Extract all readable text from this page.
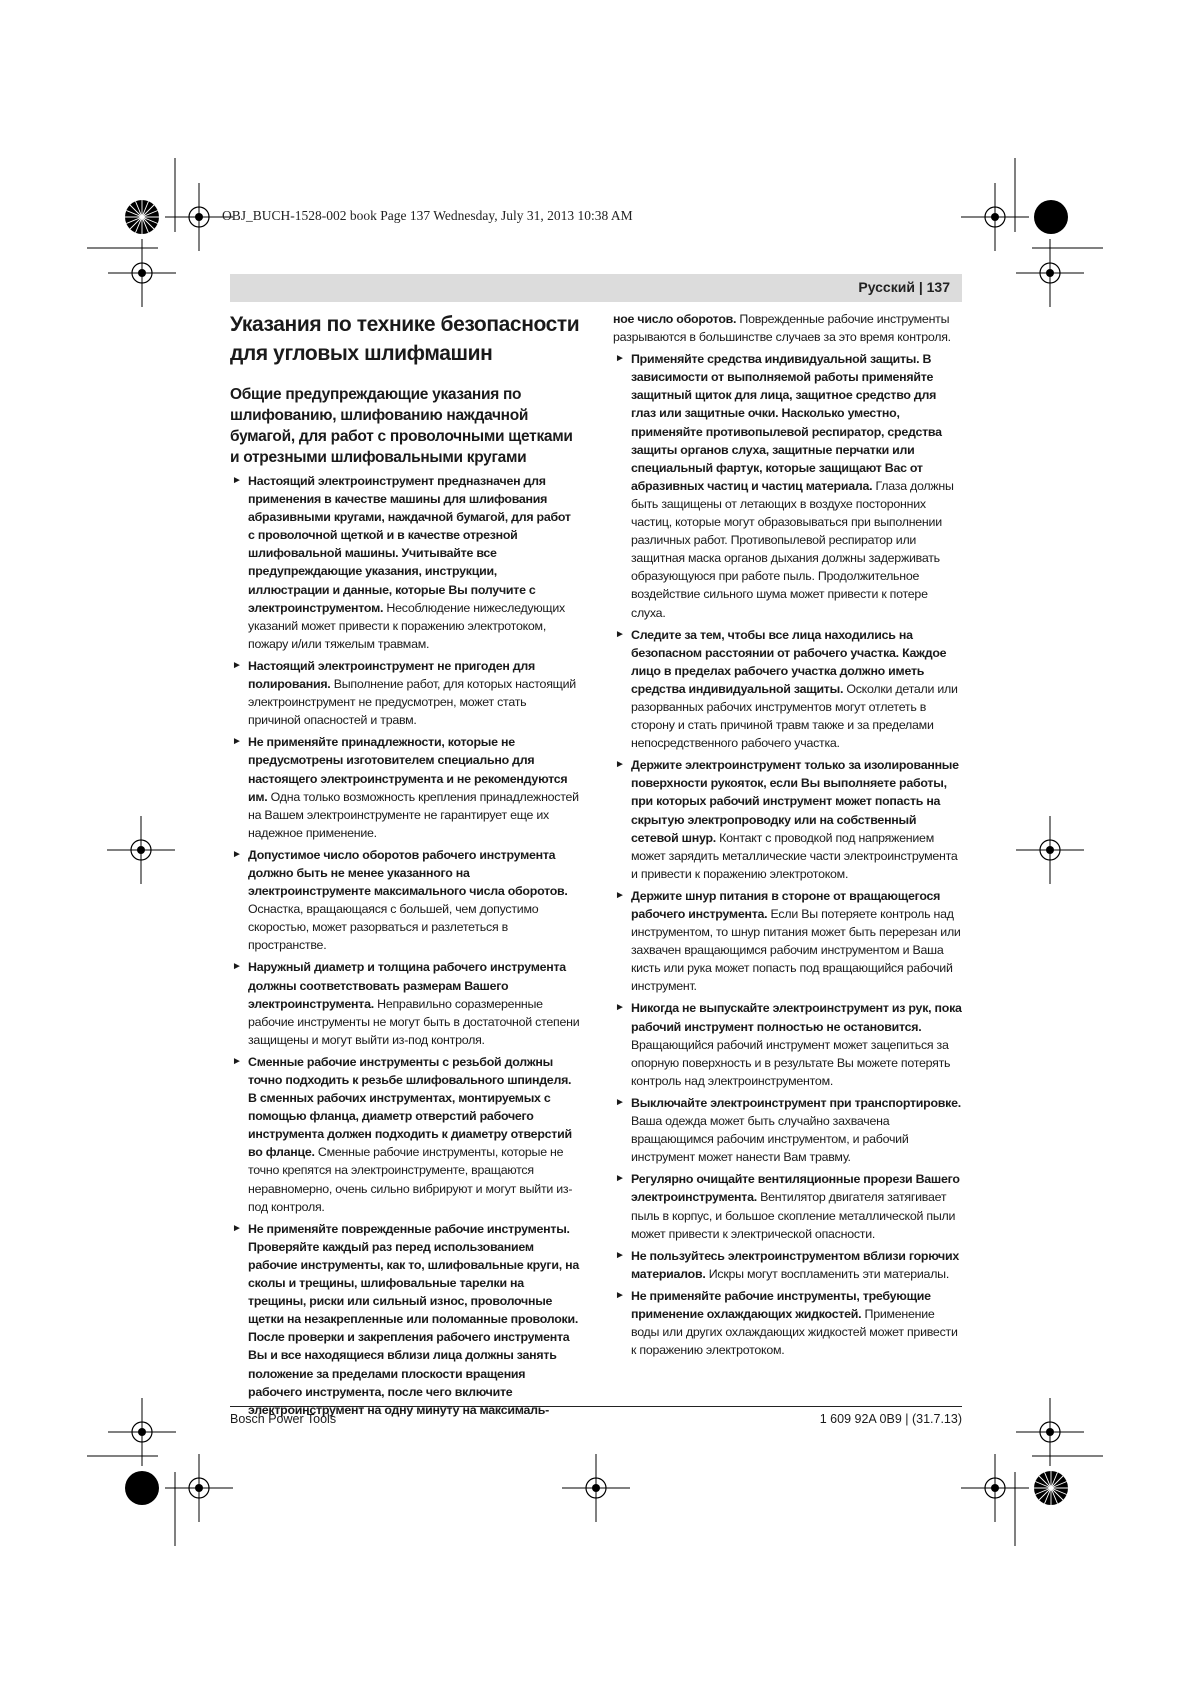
OBJ_BUCH-1528-002 book Page 137 Wednesday, July 31, 2013 10:38 AM
Русский | 137
Указания по технике безопасности для угловых шлифмашин
Общие предупреждающие указания по шлифованию, шлифованию наждачной бумагой, для работ с проволочными щетками и отрезными шлифовальными кругами
► Настоящий электроинструмент предназначен для применения в качестве машины для шлифования абразивными кругами, наждачной бумагой, для работ с проволочной щеткой и в качестве отрезной шлифовальной машины. Учитывайте все предупреждающие указания, инструкции, иллюстрации и данные, которые Вы получите с электроинструментом. Несоблюдение нижеследующих указаний может привести к поражению электротоком, пожару и/или тяжелым травмам.
► Настоящий электроинструмент не пригоден для полирования. Выполнение работ, для которых настоящий электроинструмент не предусмотрен, может стать причиной опасностей и травм.
► Не применяйте принадлежности, которые не предусмотрены изготовителем специально для настоящего электроинструмента и не рекомендуются им. Одна только возможность крепления принадлежностей на Вашем электроинструменте не гарантирует еще их надежное применение.
► Допустимое число оборотов рабочего инструмента должно быть не менее указанного на электроинструменте максимального числа оборотов. Оснастка, вращающаяся с большей, чем допустимо скоростью, может разорваться и разлететься в пространстве.
► Наружный диаметр и толщина рабочего инструмента должны соответствовать размерам Вашего электроинструмента. Неправильно соразмеренные рабочие инструменты не могут быть в достаточной степени защищены и могут выйти из-под контроля.
► Сменные рабочие инструменты с резьбой должны точно подходить к резьбе шлифовального шпинделя. В сменных рабочих инструментах, монтируемых с помощью фланца, диаметр отверстий рабочего инструмента должен подходить к диаметру отверстий во фланце. Сменные рабочие инструменты, которые не точно крепятся на электроинструменте, вращаются неравномерно, очень сильно вибрируют и могут выйти из-под контроля.
► Не применяйте поврежденные рабочие инструменты. Проверяйте каждый раз перед использованием рабочие инструменты, как то, шлифовальные круги, на сколы и трещины, шлифовальные тарелки на трещины, риски или сильный износ, проволочные щетки на незакрепленные или поломанные проволоки. После проверки и закрепления рабочего инструмента Вы и все находящиеся вблизи лица должны занять положение за пределами плоскости вращения рабочего инструмента, после чего включите электроинструмент на одну минуту на максималь-
ное число оборотов. Поврежденные рабочие инструменты разрываются в большинстве случаев за это время контроля.
► Применяйте средства индивидуальной защиты. В зависимости от выполняемой работы применяйте защитный щиток для лица, защитное средство для глаз или защитные очки. Насколько уместно, применяйте противопылевой респиратор, средства защиты органов слуха, защитные перчатки или специальный фартук, которые защищают Вас от абразивных частиц и частиц материала. Глаза должны быть защищены от летающих в воздухе посторонних частиц, которые могут образовываться при выполнении различных работ. Противопылевой респиратор или защитная маска органов дыхания должны задерживать образующуюся при работе пыль. Продолжительное воздействие сильного шума может привести к потере слуха.
► Следите за тем, чтобы все лица находились на безопасном расстоянии от рабочего участка. Каждое лицо в пределах рабочего участка должно иметь средства индивидуальной защиты. Осколки детали или разорванных рабочих инструментов могут отлететь в сторону и стать причиной травм также и за пределами непосредственного рабочего участка.
► Держите электроинструмент только за изолированные поверхности рукояток, если Вы выполняете работы, при которых рабочий инструмент может попасть на скрытую электропроводку или на собственный сетевой шнур. Контакт с проводкой под напряжением может зарядить металлические части электроинструмента и привести к поражению электротоком.
► Держите шнур питания в стороне от вращающегося рабочего инструмента. Если Вы потеряете контроль над инструментом, то шнур питания может быть перерезан или захвачен вращающимся рабочим инструментом и Ваша кисть или рука может попасть под вращающийся рабочий инструмент.
► Никогда не выпускайте электроинструмент из рук, пока рабочий инструмент полностью не остановится. Вращающийся рабочий инструмент может зацепиться за опорную поверхность и в результате Вы можете потерять контроль над электроинструментом.
► Выключайте электроинструмент при транспортировке. Ваша одежда может быть случайно захвачена вращающимся рабочим инструментом, и рабочий инструмент может нанести Вам травму.
► Регулярно очищайте вентиляционные прорези Вашего электроинструмента. Вентилятор двигателя затягивает пыль в корпус, и большое скопление металлической пыли может привести к электрической опасности.
► Не пользуйтесь электроинструментом вблизи горючих материалов. Искры могут воспламенить эти материалы.
► Не применяйте рабочие инструменты, требующие применение охлаждающих жидкостей. Применение воды или других охлаждающих жидкостей может привести к поражению электротоком.
Bosch Power Tools	1 609 92A 0B9 | (31.7.13)
